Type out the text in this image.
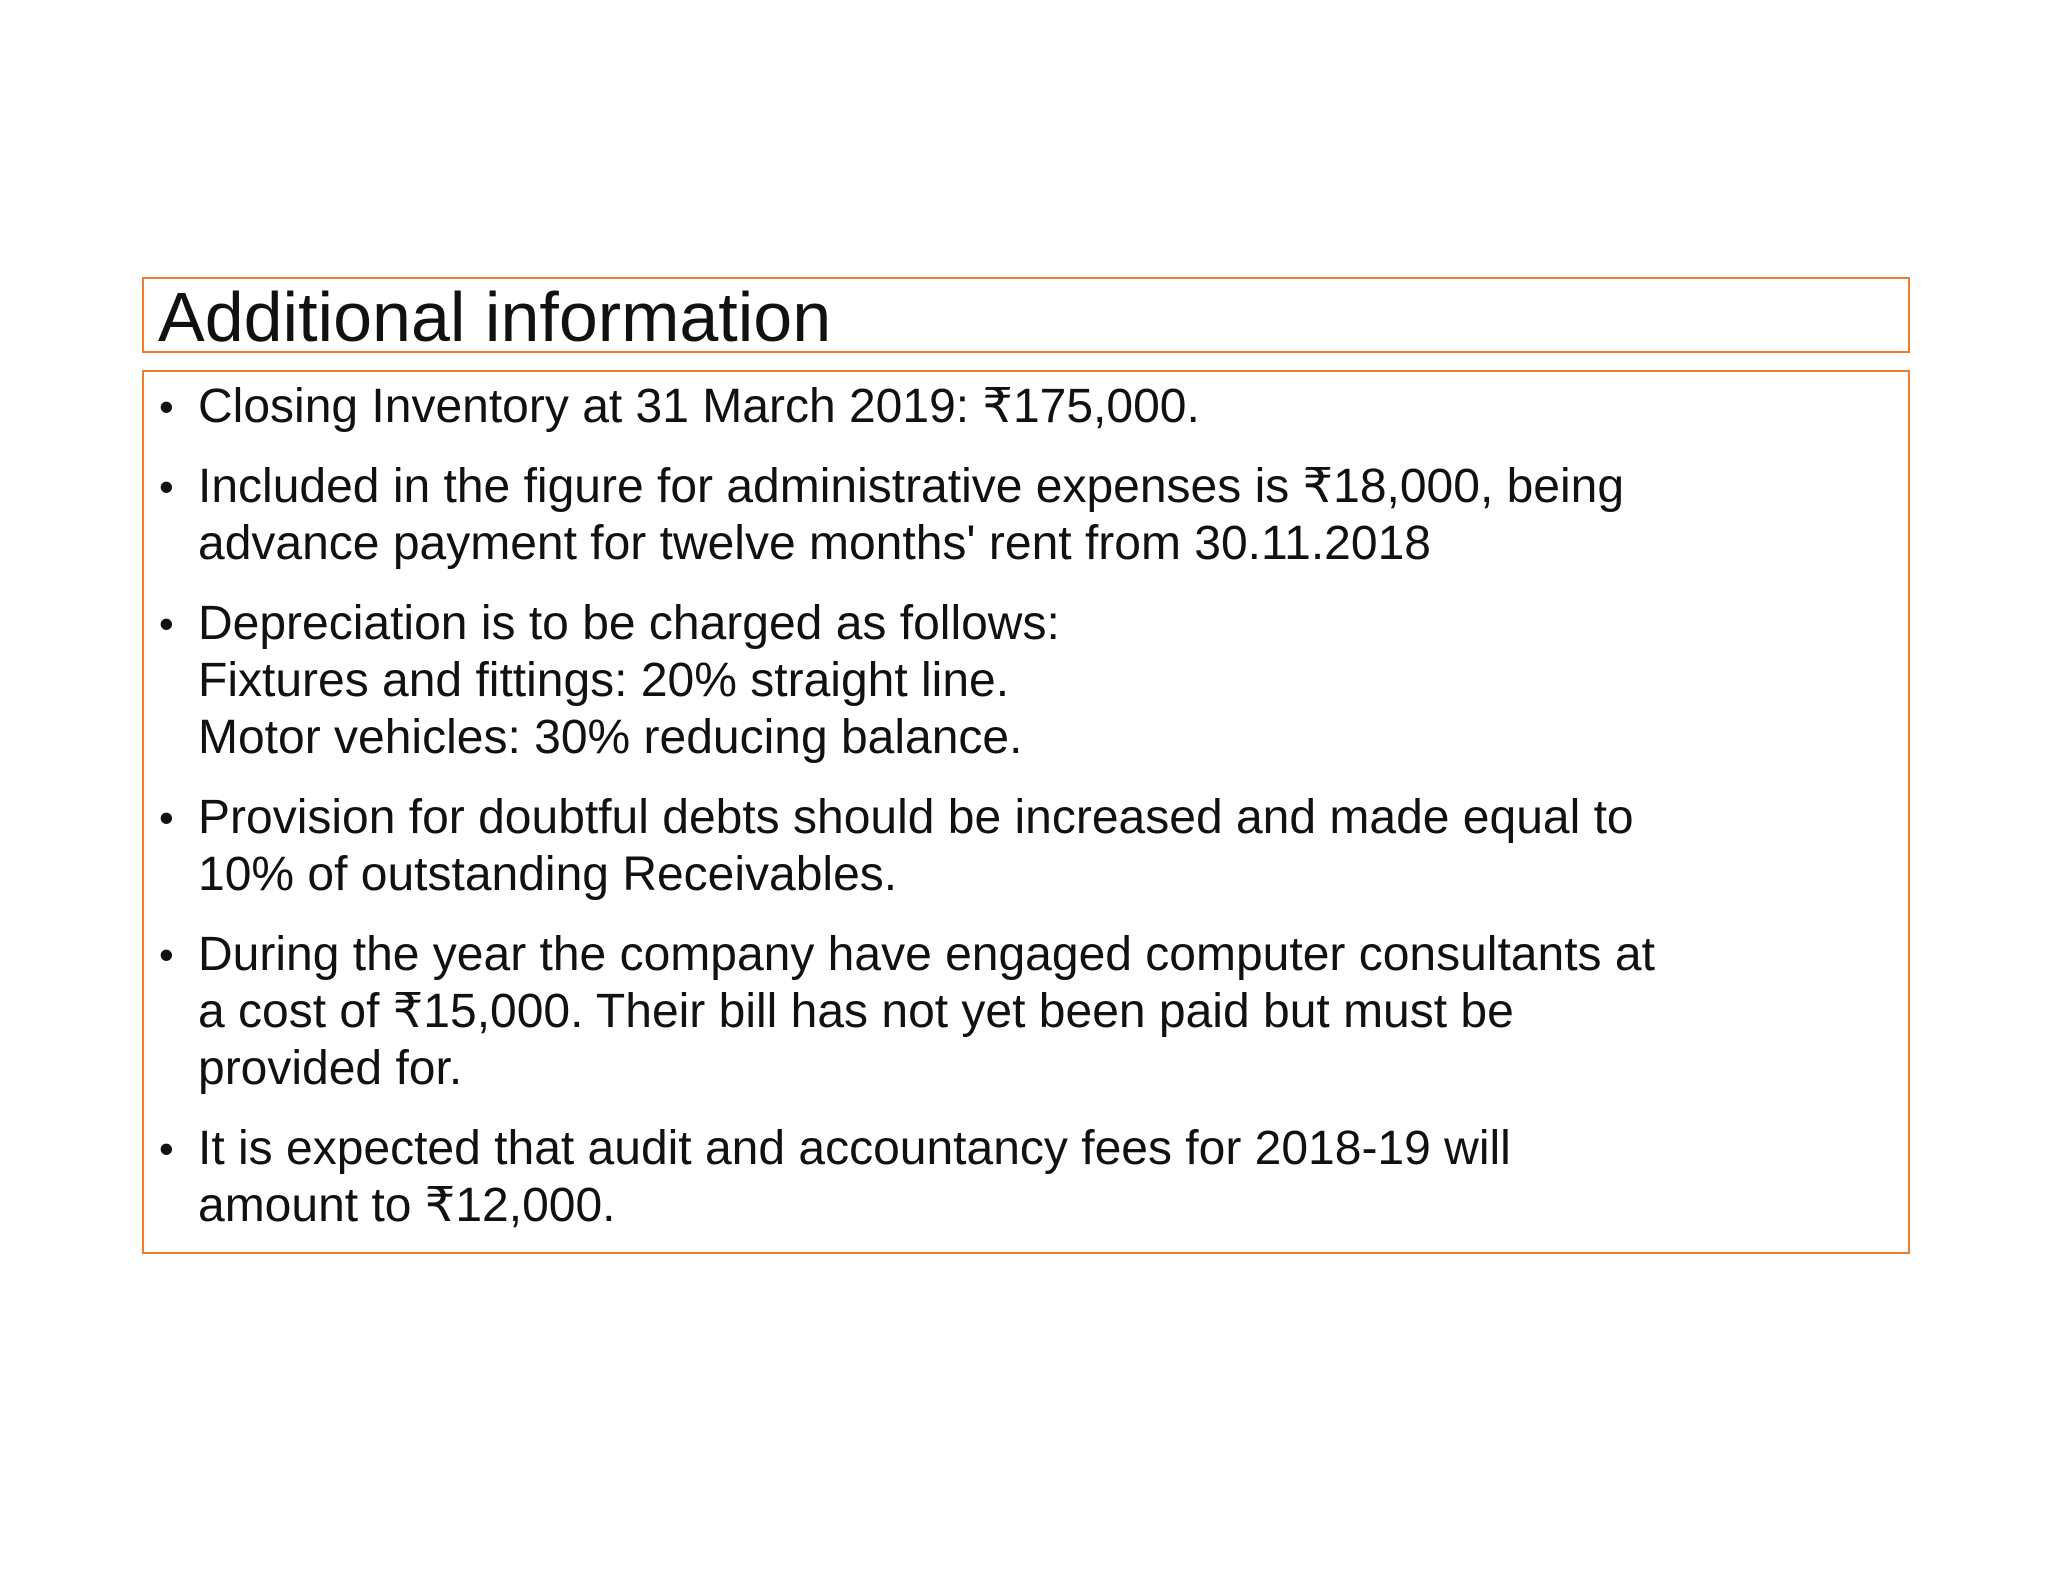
Additional information
• Closing Inventory at 31 March 2019: ₹175,000.
• Included in the figure for administrative expenses is ₹18,000, being
advance payment for twelve months' rent from 30.11.2018
• Depreciation is to be charged as follows:
Fixtures and fittings: 20% straight line.
Motor vehicles: 30% reducing balance.
• Provision for doubtful debts should be increased and made equal to
10% of outstanding Receivables.
• During the year the company have engaged computer consultants at
a cost of ₹15,000. Their bill has not yet been paid but must be
provided for.
• It is expected that audit and accountancy fees for 2018-19 will
amount to ₹12,000.
